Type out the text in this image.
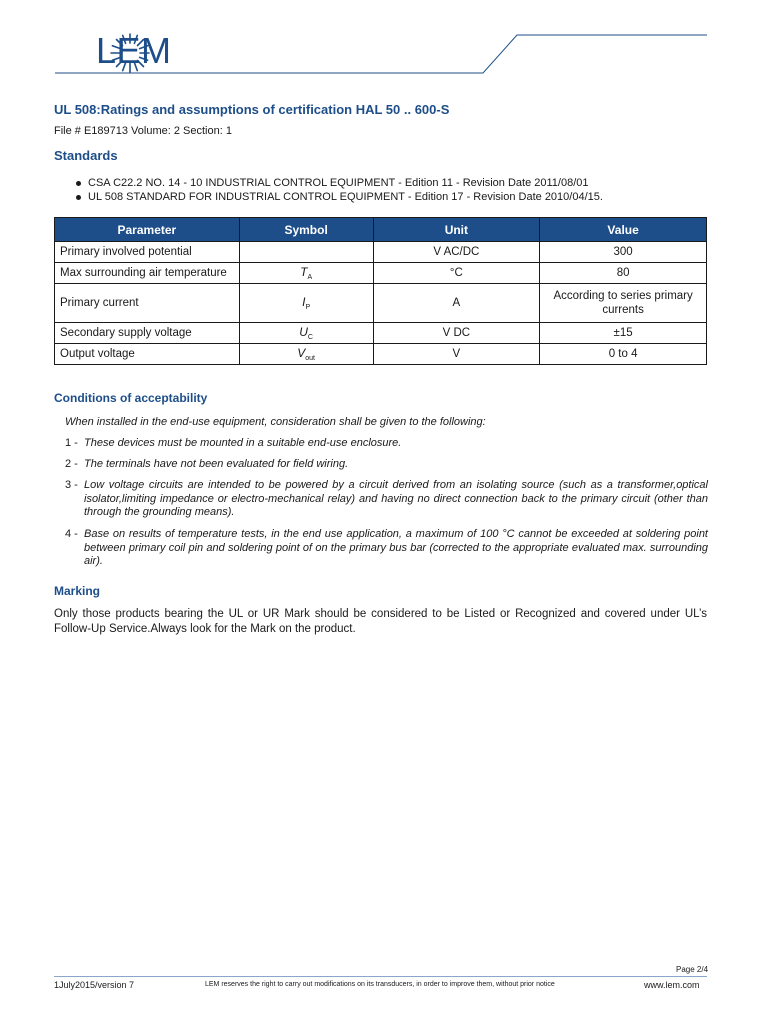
LEM
UL 508:Ratings and assumptions of certification HAL 50 .. 600-S
File # E189713 Volume: 2 Section: 1
Standards
CSA C22.2 NO. 14 - 10 INDUSTRIAL CONTROL EQUIPMENT - Edition 11 - Revision Date 2011/08/01
UL 508 STANDARD FOR INDUSTRIAL CONTROL EQUIPMENT - Edition 17 - Revision Date 2010/04/15.
Parameter	Symbol	Unit	Value
Primary involved potential		V AC/DC	300
Max surrounding air temperature	$T_A$	°C	80
Primary current	$I_P$	A	According to series primary currents
Secondary supply voltage	$U_C$	V DC	±15
Output voltage	$V_{out}$	V	0 to 4
Conditions of acceptability
When installed in the end-use equipment, consideration shall be given to the following:
1 - These devices must be mounted in a suitable end-use enclosure.
2 - The terminals have not been evaluated for field wiring.
3 - Low voltage circuits are intended to be powered by a circuit derived from an isolating source (such as a transformer,optical isolator,limiting impedance or electro-mechanical relay) and having no direct connection back to the primary circuit (other than through the grounding means).
4 - Base on results of temperature tests, in the end use application, a maximum of 100 °C cannot be exceeded at soldering point between primary coil pin and soldering point of on the primary bus bar (corrected to the appropriate evaluated max. surrounding air).
Marking
Only those products bearing the UL or UR Mark should be considered to be Listed or Recognized and covered under UL’s Follow-Up Service.Always look for the Mark on the product.
Page 2/4
1July2015/version 7	LEM reserves the right to carry out modifications on its transducers, in order to improve them, without prior notice	www.lem.com
